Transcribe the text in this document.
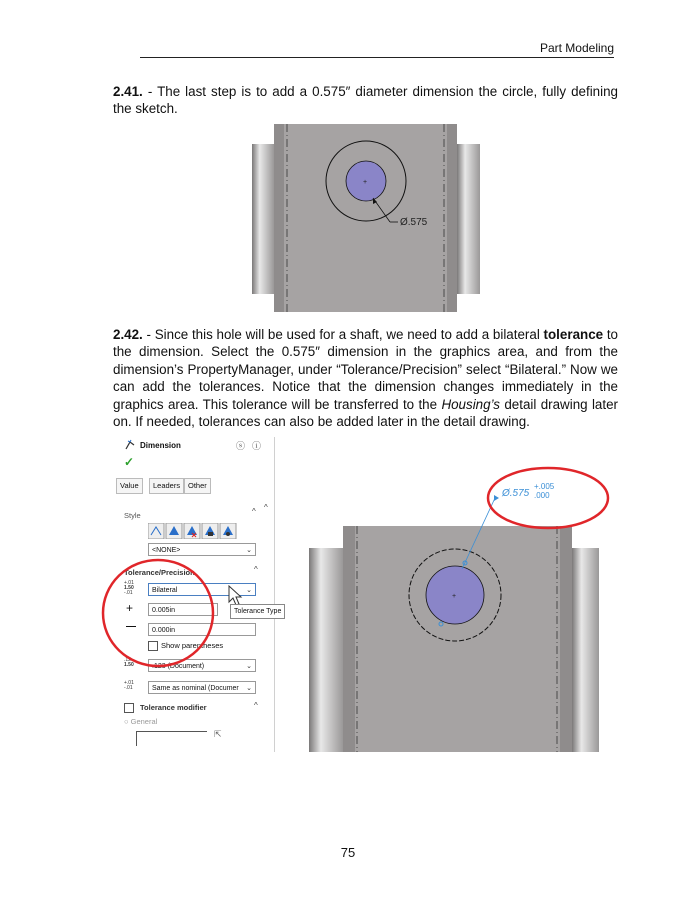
Part Modeling

2.41. - The last step is to add a 0.575″ diameter dimension the circle, fully defining the sketch.

+
Ø.575

2.42. - Since this hole will be used for a shaft, we need to add a bilateral tolerance to the dimension. Select the 0.575″ dimension in the graphics area, and from the dimension’s PropertyManager, under “Tolerance/Precision” select “Bilateral.” Now we can add the tolerances. Notice that the dimension changes immediately in the graphics area. This tolerance will be transferred to the Housing’s detail drawing later on. If needed, tolerances can also be added later in the detail drawing.

Dimension	ⓢ ⓘ
✓
Value	Leaders	Other
Style	^ ^
<NONE>	⌄
Tolerance/Precision	^
+.01
1.50
-.01	Bilateral	⌄
+	0.005in
—	0.000in
Show parentheses
.12
1.50	.123 (Document)	⌄
+.01
-.01	Same as nominal (Documer ⌄
Tolerance modifier	^
○ General
⇱
Tolerance Type
+
Ø.575
+.005
.000
75
